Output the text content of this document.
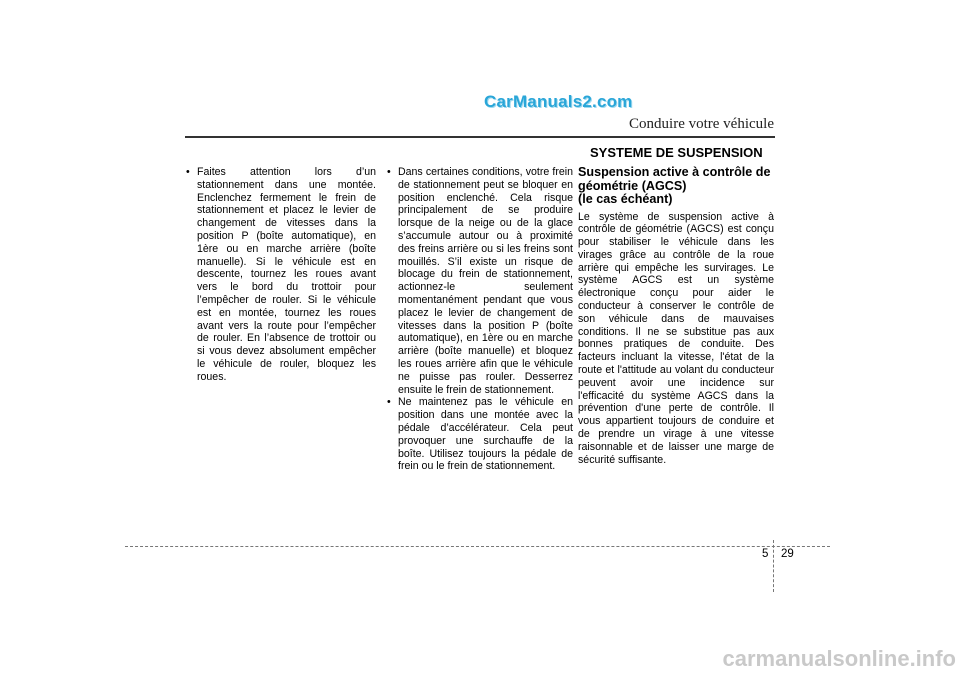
CarManuals2.com
Conduire votre véhicule
SYSTEME DE SUSPENSION
• Faites attention lors d’un stationnement dans une montée. Enclenchez fermement le frein de stationnement et placez le levier de changement de vitesses dans la position P (boîte automatique), en 1ère ou en marche arrière (boîte manuelle). Si le véhicule est en descente, tournez les roues avant vers le bord du trottoir pour l’empêcher de rouler. Si le véhicule est en montée, tournez les roues avant vers la route pour l’empêcher de rouler. En l’absence de trottoir ou si vous devez absolument empêcher le véhicule de rouler, bloquez les roues.
• Dans certaines conditions, votre frein de stationnement peut se bloquer en position enclenché. Cela risque principalement de se produire lorsque de la neige ou de la glace s’accumule autour ou à proximité des freins arrière ou si les freins sont mouillés. S’il existe un risque de blocage du frein de stationnement, actionnez-le seulement momentanément pendant que vous placez le levier de changement de vitesses dans la position P (boîte automatique), en 1ère ou en marche arrière (boîte manuelle) et bloquez les roues arrière afin que le véhicule ne puisse pas rouler. Desserrez ensuite le frein de stationnement.
• Ne maintenez pas le véhicule en position dans une montée avec la pédale d’accélérateur. Cela peut provoquer une surchauffe de la boîte. Utilisez toujours la pédale de frein ou le frein de stationnement.
Suspension active à contrôle de
géométrie (AGCS)
(le cas échéant)
Le système de suspension active à contrôle de géométrie (AGCS) est conçu pour stabiliser le véhicule dans les virages grâce au contrôle de la roue arrière qui empêche les survirages. Le système AGCS est un système électronique conçu pour aider le conducteur à conserver le contrôle de son véhicule dans de mauvaises conditions. Il ne se substitue pas aux bonnes pratiques de conduite. Des facteurs incluant la vitesse, l'état de la route et l'attitude au volant du conducteur peuvent avoir une incidence sur l'efficacité du système AGCS dans la prévention d'une perte de contrôle. Il vous appartient toujours de conduire et de prendre un virage à une vitesse raisonnable et de laisser une marge de sécurité suffisante.
5 29
carmanualsonline.info
